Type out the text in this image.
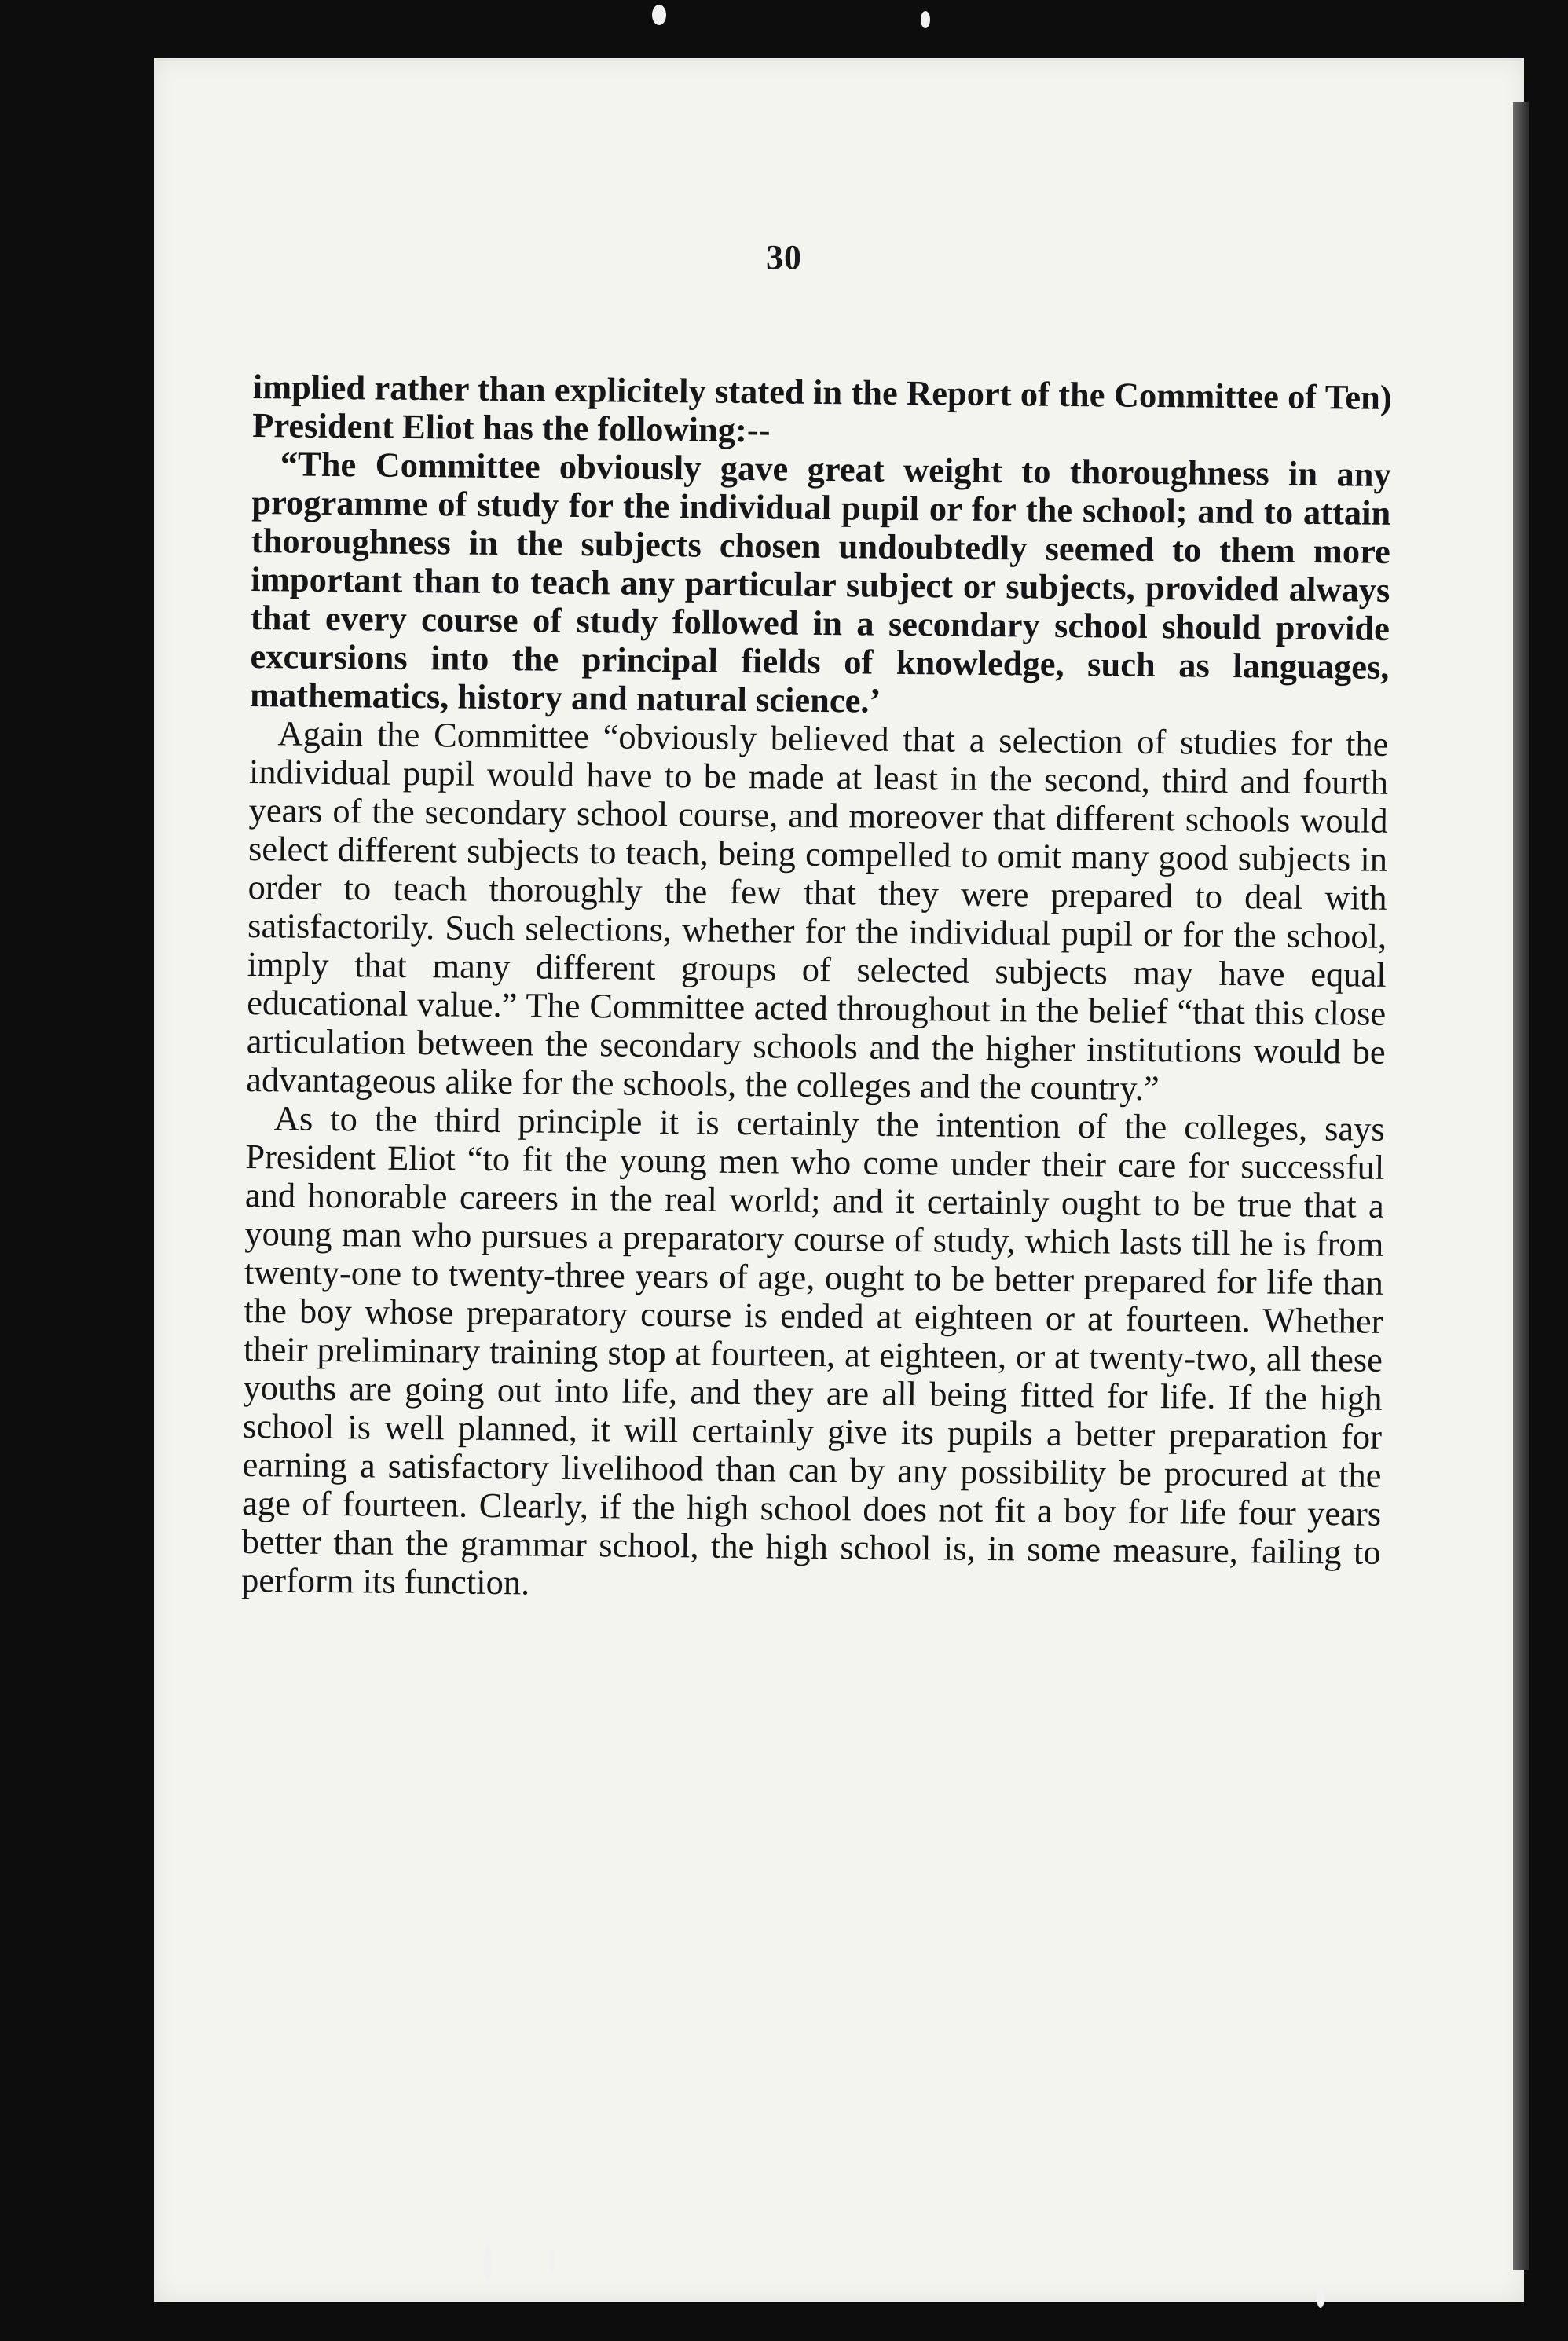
30

implied rather than explicitely stated in the Report of the Committee of Ten) President Eliot has the following:--

“The Committee obviously gave great weight to thoroughness in any programme of study for the individual pupil or for the school; and to attain thoroughness in the subjects chosen undoubtedly seemed to them more important than to teach any particular subject or subjects, provided always that every course of study followed in a secondary school should provide excursions into the principal fields of knowledge, such as languages, mathematics, history and natural science.’

Again the Committee “obviously believed that a selection of studies for the individual pupil would have to be made at least in the second, third and fourth years of the secondary school course, and moreover that different schools would select different subjects to teach, being compelled to omit many good subjects in order to teach thoroughly the few that they were prepared to deal with satisfactorily. Such selections, whether for the individual pupil or for the school, imply that many different groups of selected subjects may have equal educational value.” The Committee acted throughout in the belief “that this close articulation between the secondary schools and the higher institutions would be advantageous alike for the schools, the colleges and the country.”

As to the third principle it is certainly the intention of the colleges, says President Eliot “to fit the young men who come under their care for successful and honorable careers in the real world; and it certainly ought to be true that a young man who pursues a preparatory course of study, which lasts till he is from twenty-one to twenty-three years of age, ought to be better prepared for life than the boy whose preparatory course is ended at eighteen or at fourteen. Whether their preliminary training stop at fourteen, at eighteen, or at twenty-two, all these youths are going out into life, and they are all being fitted for life. If the high school is well planned, it will certainly give its pupils a better preparation for earning a satisfactory livelihood than can by any possibility be procured at the age of fourteen. Clearly, if the high school does not fit a boy for life four years better than the grammar school, the high school is, in some measure, failing to perform its function.
